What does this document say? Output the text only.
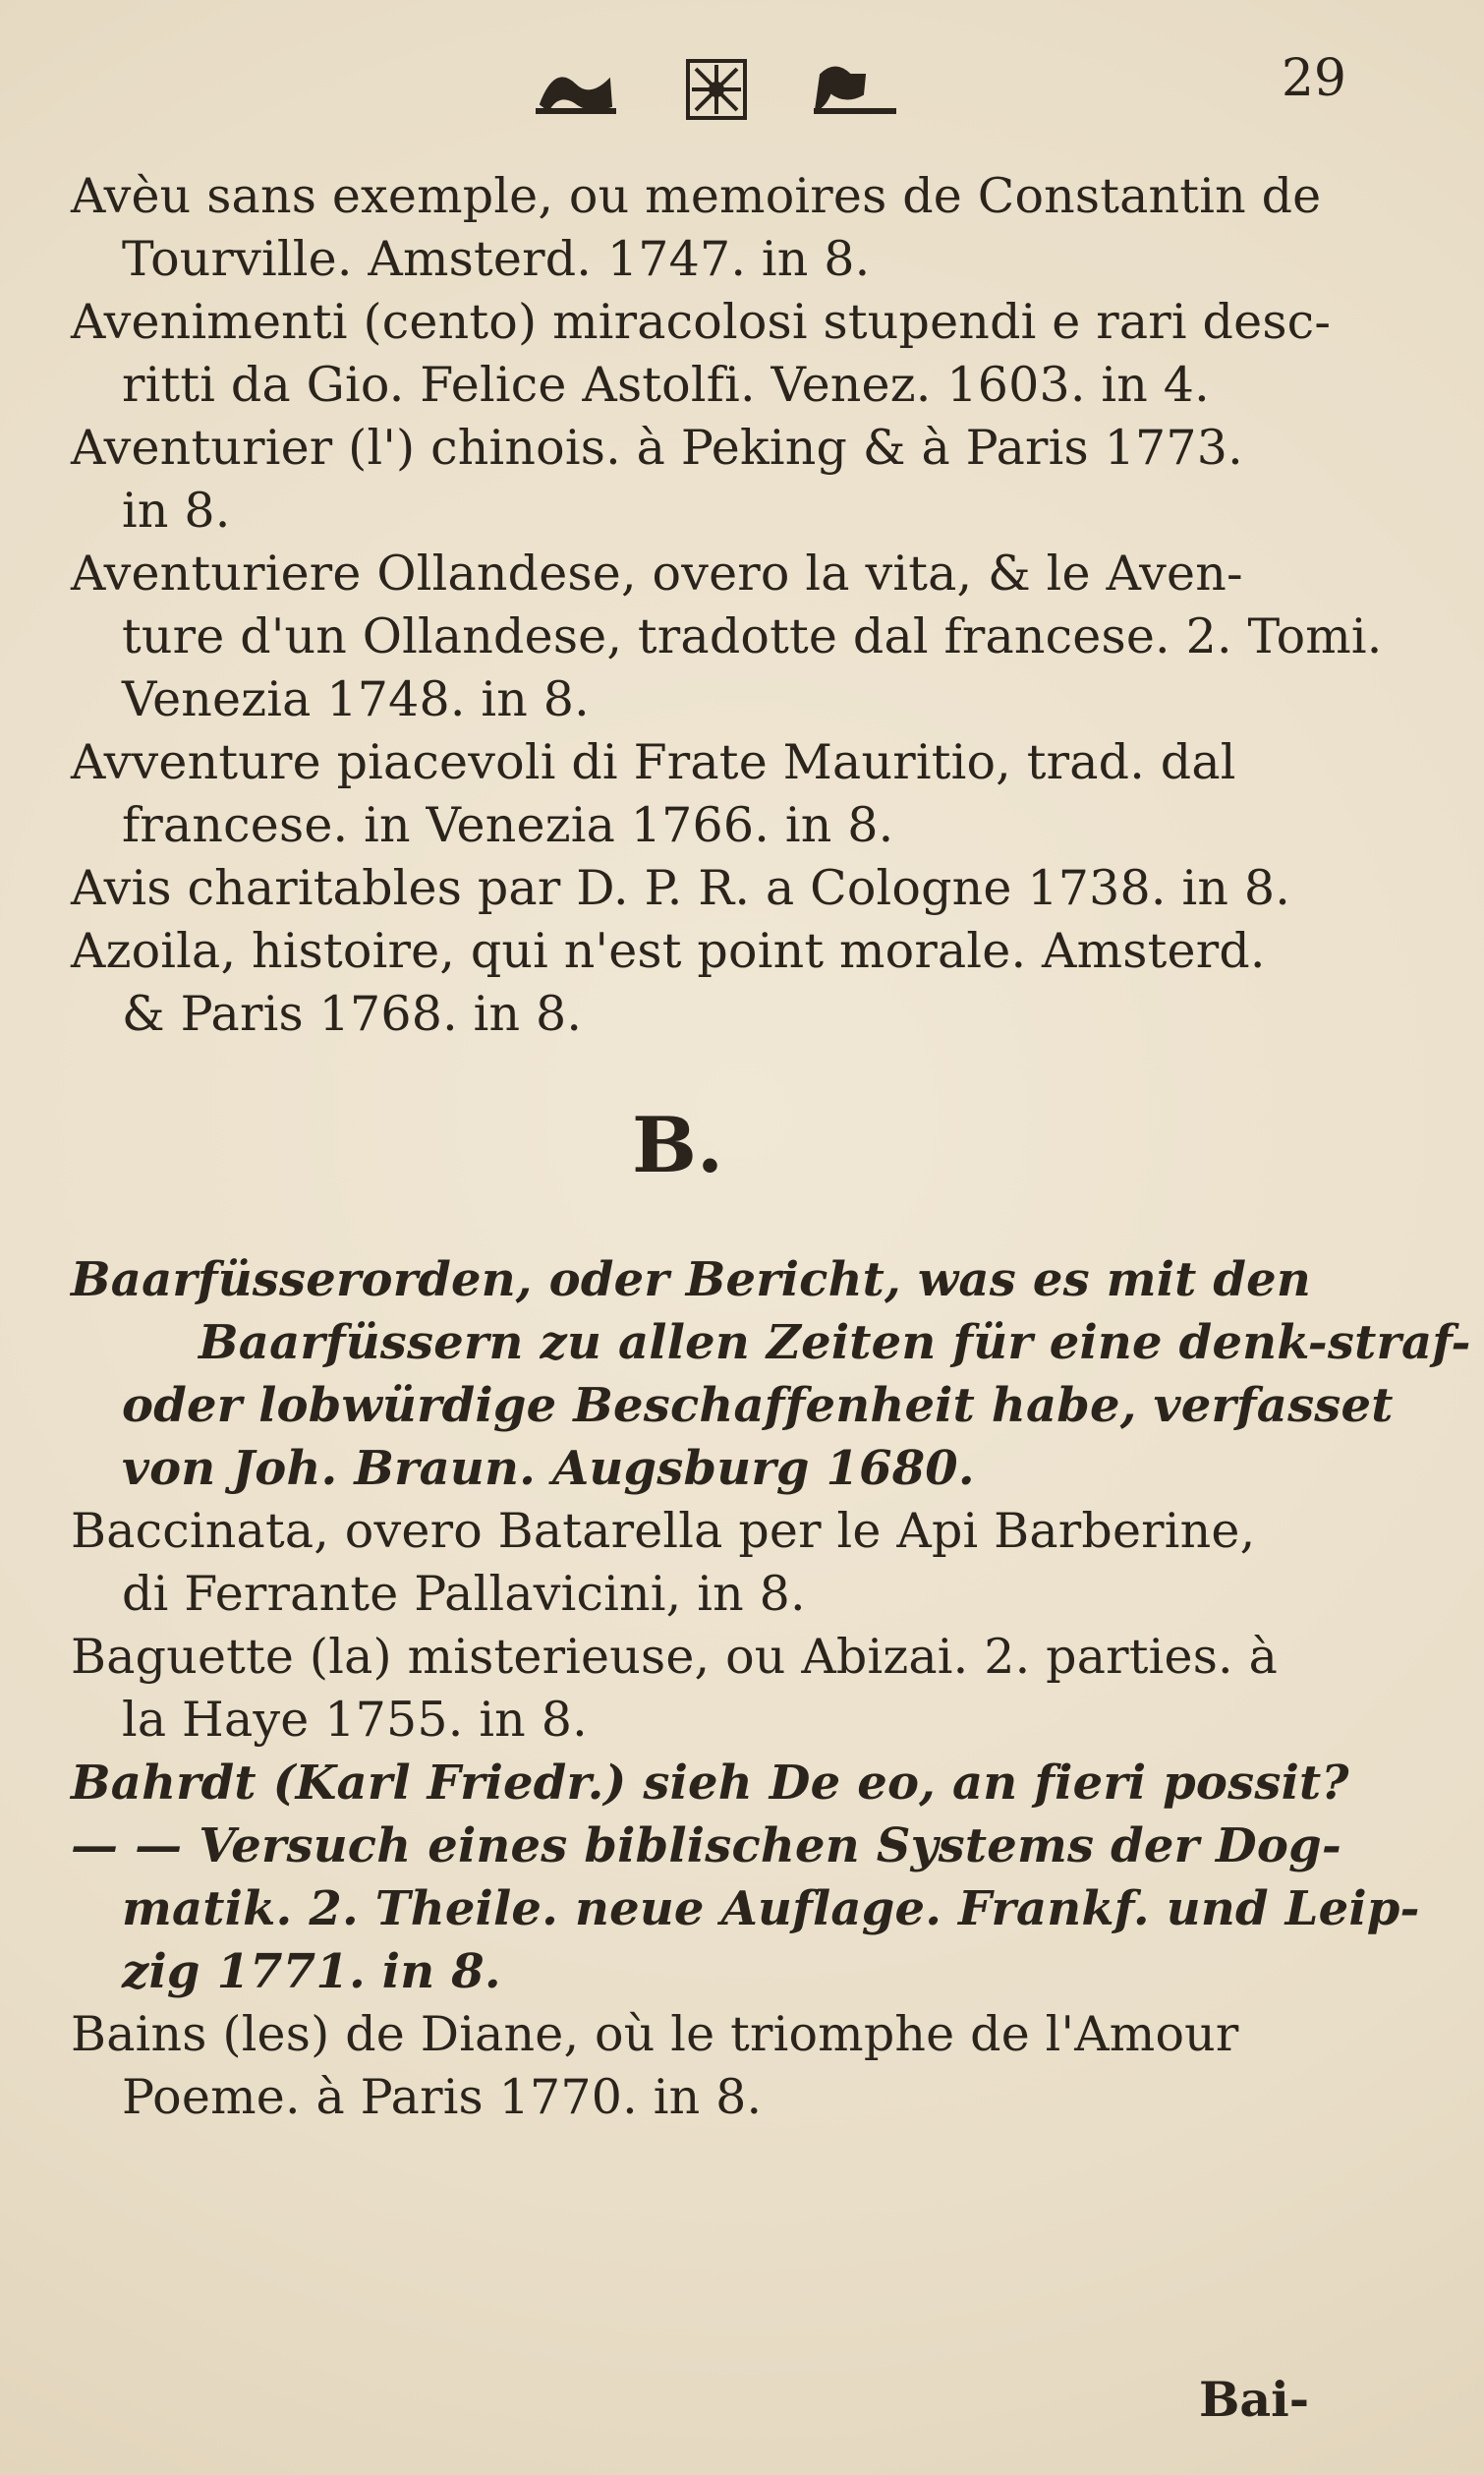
29

Avèu sans exemple, ou memoires de Constantin de

Tourville. Amsterd. 1747. in 8.

Avenimenti (cento) miracolosi stupendi e rari desc-

ritti da Gio. Felice Astolfi. Venez. 1603. in 4.

Aventurier (l') chinois. à Peking & à Paris 1773.

in 8.

Aventuriere Ollandese, overo la vita, & le Aven-

ture d'un Ollandese, tradotte dal francese. 2. Tomi.

Venezia 1748. in 8.

Avventure piacevoli di Frate Mauritio, trad. dal

francese. in Venezia 1766. in 8.

Avis charitables par D. P. R. a Cologne 1738. in 8.

Azoila, histoire, qui n'est point morale. Amsterd.

& Paris 1768. in 8.

B.

Baarfüsserorden, oder Bericht, was es mit den

Baarfüssern zu allen Zeiten für eine denk-straf-

oder lobwürdige Beschaffenheit habe, verfasset

von Joh. Braun. Augsburg 1680.

Baccinata, overo Batarella per le Api Barberine,

di Ferrante Pallavicini, in 8.

Baguette (la) misterieuse, ou Abizai. 2. parties. à

la Haye 1755. in 8.

Bahrdt (Karl Friedr.) sieh De eo, an fieri possit?

— — Versuch eines biblischen Systems der Dog-

matik. 2. Theile. neue Auflage. Frankf. und Leip-

zig 1771. in 8.

Bains (les) de Diane, où le triomphe de l'Amour

Poeme. à Paris 1770. in 8.

Bai-
